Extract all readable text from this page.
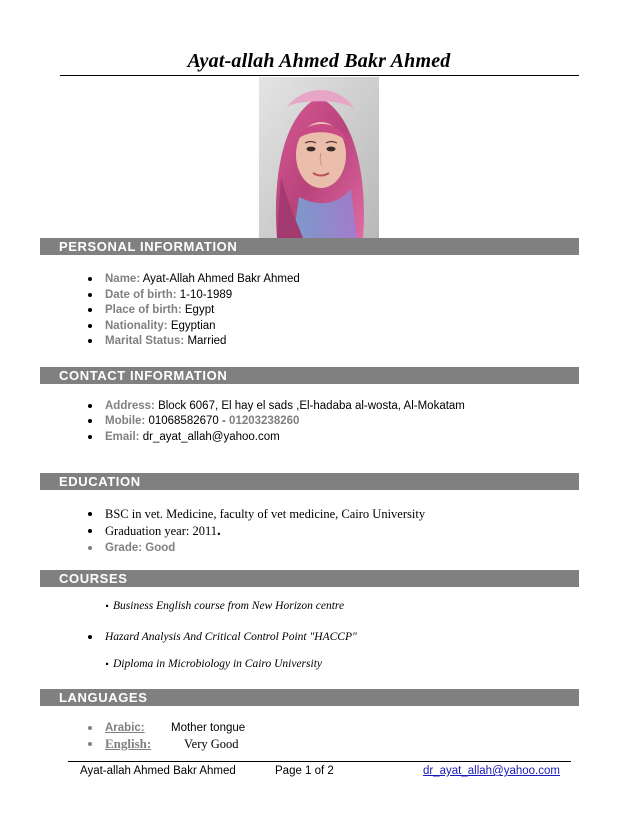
Ayat-allah Ahmed Bakr Ahmed
PERSONAL INFORMATION
Name: Ayat-Allah Ahmed Bakr Ahmed
Date of birth: 1-10-1989
Place of birth: Egypt
Nationality: Egyptian
Marital Status: Married
CONTACT INFORMATION
Address: Block 6067, El hay el sads ,El-hadaba al-wosta, Al-Mokatam
Mobile: 01068582670 - 01203238260
Email: dr_ayat_allah@yahoo.com
EDUCATION
BSC in vet. Medicine, faculty of vet medicine, Cairo University
Graduation year: 2011.
Grade: Good
COURSES
. Business English course from New Horizon centre
Hazard Analysis And Critical Control Point "HACCP"
. Diploma in Microbiology in Cairo University
LANGUAGES
Arabic: Mother tongue
English:	Very Good
Ayat-allah Ahmed Bakr Ahmed	Page 1 of 2	dr_ayat_allah@yahoo.com
